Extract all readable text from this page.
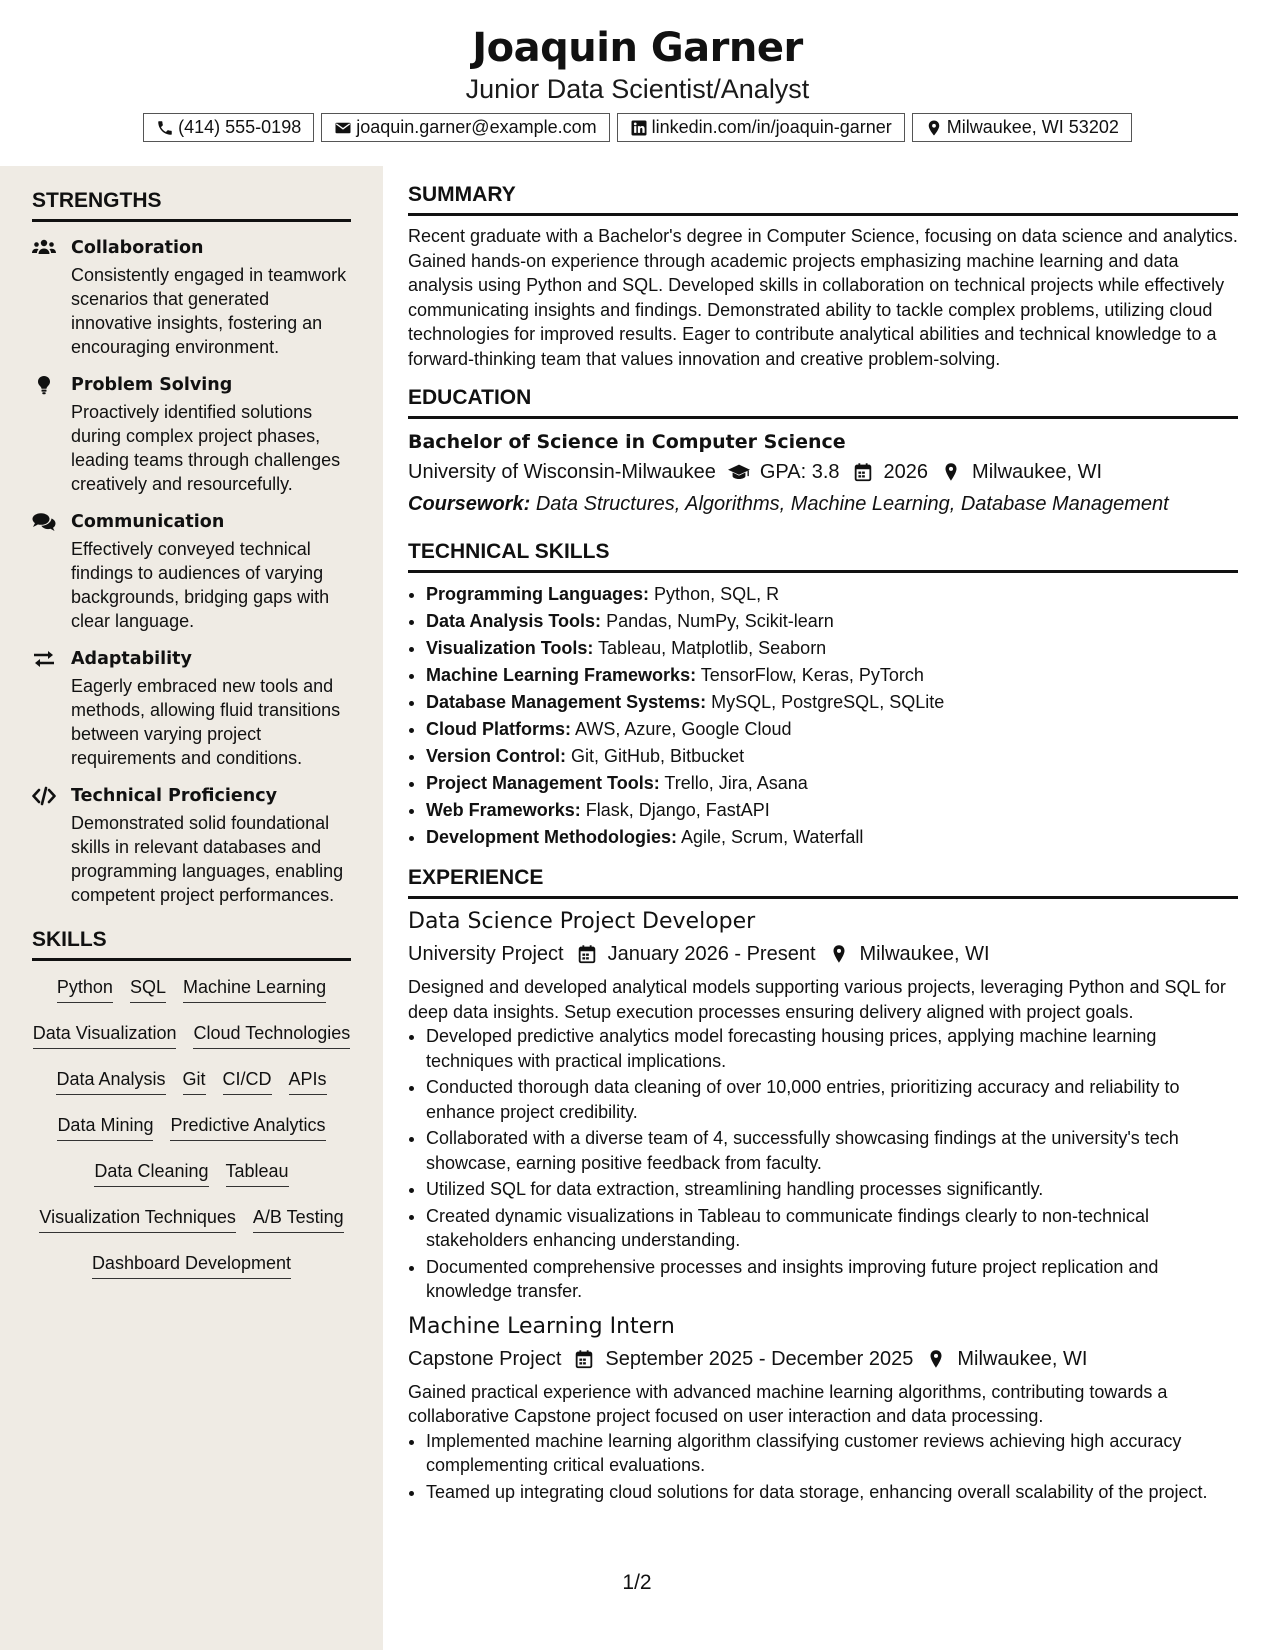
Joaquin Garner
Junior Data Scientist/Analyst
(414) 555-0198	joaquin.garner@example.com	linkedin.com/in/joaquin-garner	Milwaukee, WI 53202
STRENGTHS
Collaboration
Consistently engaged in teamwork scenarios that generated innovative insights, fostering an encouraging environment.
Problem Solving
Proactively identified solutions during complex project phases, leading teams through challenges creatively and resourcefully.
Communication
Effectively conveyed technical findings to audiences of varying backgrounds, bridging gaps with clear language.
Adaptability
Eagerly embraced new tools and methods, allowing fluid transitions between varying project requirements and conditions.
Technical Proficiency
Demonstrated solid foundational skills in relevant databases and programming languages, enabling competent project performances.
SKILLS
Python SQL Machine Learning
Data Visualization Cloud Technologies
Data Analysis Git CI/CD APIs
Data Mining Predictive Analytics
Data Cleaning Tableau
Visualization Techniques A/B Testing
Dashboard Development
SUMMARY
Recent graduate with a Bachelor's degree in Computer Science, focusing on data science and analytics. Gained hands-on experience through academic projects emphasizing machine learning and data analysis using Python and SQL. Developed skills in collaboration on technical projects while effectively communicating insights and findings. Demonstrated ability to tackle complex problems, utilizing cloud technologies for improved results. Eager to contribute analytical abilities and technical knowledge to a forward-thinking team that values innovation and creative problem-solving.
EDUCATION
Bachelor of Science in Computer Science
University of Wisconsin-Milwaukee GPA: 3.8 2026 Milwaukee, WI
Coursework: Data Structures, Algorithms, Machine Learning, Database Management
TECHNICAL SKILLS
• Programming Languages: Python, SQL, R
• Data Analysis Tools: Pandas, NumPy, Scikit-learn
• Visualization Tools: Tableau, Matplotlib, Seaborn
• Machine Learning Frameworks: TensorFlow, Keras, PyTorch
• Database Management Systems: MySQL, PostgreSQL, SQLite
• Cloud Platforms: AWS, Azure, Google Cloud
• Version Control: Git, GitHub, Bitbucket
• Project Management Tools: Trello, Jira, Asana
• Web Frameworks: Flask, Django, FastAPI
• Development Methodologies: Agile, Scrum, Waterfall
EXPERIENCE
Data Science Project Developer
University Project January 2026 - Present Milwaukee, WI
Designed and developed analytical models supporting various projects, leveraging Python and SQL for deep data insights. Setup execution processes ensuring delivery aligned with project goals.
• Developed predictive analytics model forecasting housing prices, applying machine learning techniques with practical implications.
• Conducted thorough data cleaning of over 10,000 entries, prioritizing accuracy and reliability to enhance project credibility.
• Collaborated with a diverse team of 4, successfully showcasing findings at the university's tech showcase, earning positive feedback from faculty.
• Utilized SQL for data extraction, streamlining handling processes significantly.
• Created dynamic visualizations in Tableau to communicate findings clearly to non-technical stakeholders enhancing understanding.
• Documented comprehensive processes and insights improving future project replication and knowledge transfer.
Machine Learning Intern
Capstone Project September 2025 - December 2025 Milwaukee, WI
Gained practical experience with advanced machine learning algorithms, contributing towards a collaborative Capstone project focused on user interaction and data processing.
• Implemented machine learning algorithm classifying customer reviews achieving high accuracy complementing critical evaluations.
• Teamed up integrating cloud solutions for data storage, enhancing overall scalability of the project.
1/2
